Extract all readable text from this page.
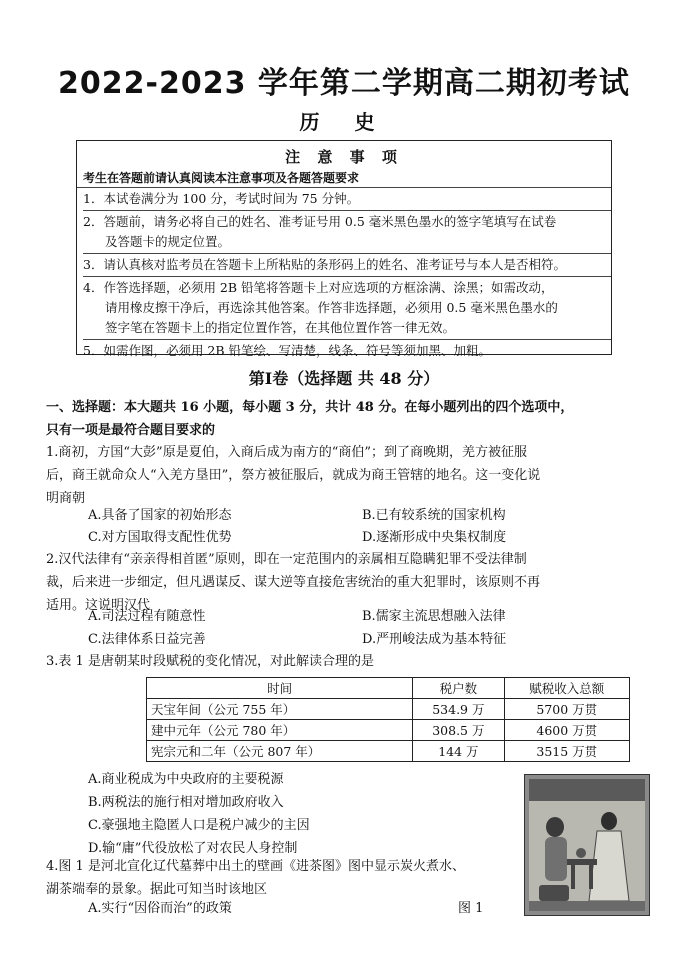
2022-2023 学年第二学期高二期初考试
历 史
注 意 事 项
考生在答题前请认真阅读本注意事项及各题答题要求
1．本试卷满分为 100 分，考试时间为 75 分钟。
2．答题前，请务必将自己的姓名、准考证号用 0.5 毫米黑色墨水的签字笔填写在试卷
及答题卡的规定位置。
3．请认真核对监考员在答题卡上所粘贴的条形码上的姓名、准考证号与本人是否相符。
4．作答选择题，必须用 2B 铅笔将答题卡上对应选项的方框涂满、涂黑；如需改动，
请用橡皮擦干净后，再选涂其他答案。作答非选择题，必须用 0.5 毫米黑色墨水的
签字笔在答题卡上的指定位置作答，在其他位置作答一律无效。
5．如需作图，必须用 2B 铅笔绘、写清楚，线条、符号等须加黑、加粗。
第Ⅰ卷（选择题 共 48 分）
一、选择题：本大题共 16 小题，每小题 3 分，共计 48 分。在每小题列出的四个选项中，
只有一项是最符合题目要求的
1.商初，方国“大彭”原是夏伯，入商后成为南方的“商伯”；到了商晚期，羌方被征服
后，商王就命众人“入羌方垦田”，祭方被征服后，就成为商王管辖的地名。这一变化说
明商朝
A.具备了国家的初始形态	B.已有较系统的国家机构
C.对方国取得支配性优势	D.逐渐形成中央集权制度
2.汉代法律有“亲亲得相首匿”原则，即在一定范围内的亲属相互隐瞒犯罪不受法律制
裁，后来进一步细定，但凡遇谋反、谋大逆等直接危害统治的重大犯罪时，该原则不再
适用。这说明汉代
A.司法过程有随意性	B.儒家主流思想融入法律
C.法律体系日益完善	D.严刑峻法成为基本特征
3.表 1 是唐朝某时段赋税的变化情况，对此解读合理的是
时间	税户数	赋税收入总额
天宝年间（公元 755 年）	534.9 万	5700 万贯
建中元年（公元 780 年）	308.5 万	4600 万贯
宪宗元和二年（公元 807 年）	144 万	3515 万贯
A.商业税成为中央政府的主要税源
B.两税法的施行相对增加政府收入
C.豪强地主隐匿人口是税户减少的主因
D.输“庸”代役放松了对农民人身控制
4.图 1 是河北宣化辽代墓葬中出土的壁画《进茶图》图中显示炭火煮水、
湖茶端奉的景象。据此可知当时该地区
A.实行“因俗而治”的政策	图 1
